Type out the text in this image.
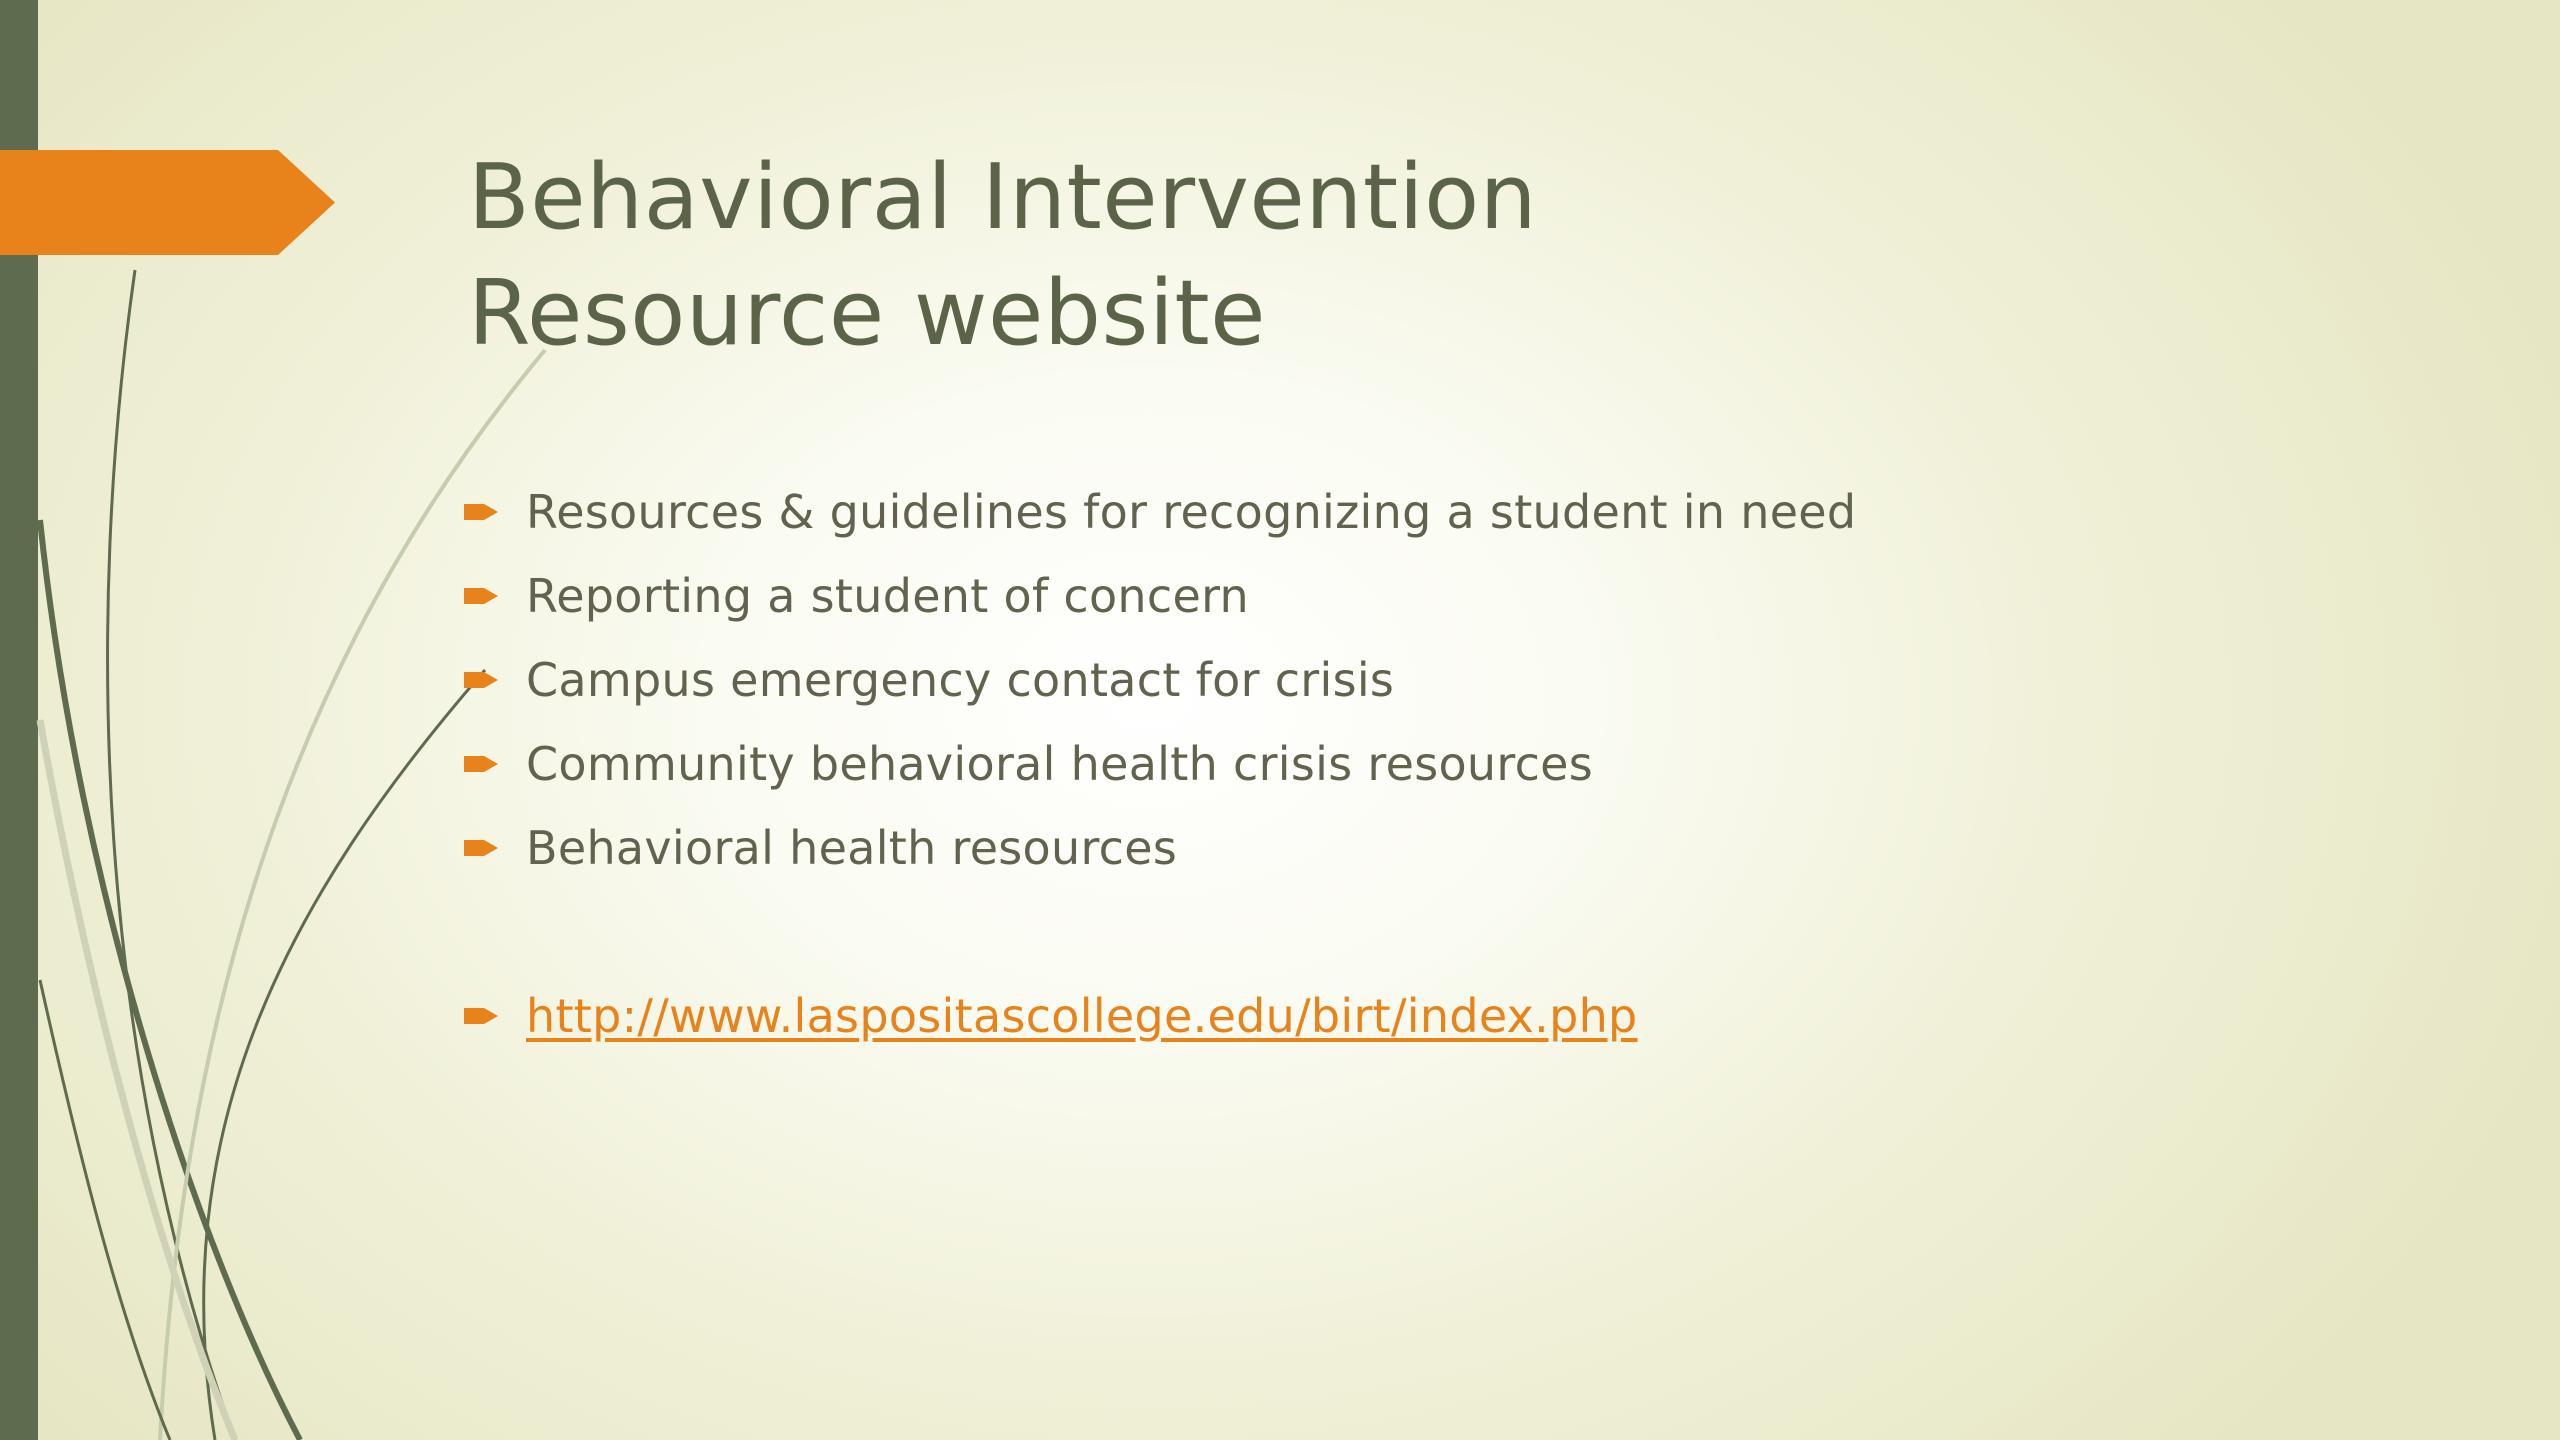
Behavioral Intervention
Resource website
Resources & guidelines for recognizing a student in need
Reporting a student of concern
Campus emergency contact for crisis
Community behavioral health crisis resources
Behavioral health resources
http://www.laspositascollege.edu/birt/index.php
